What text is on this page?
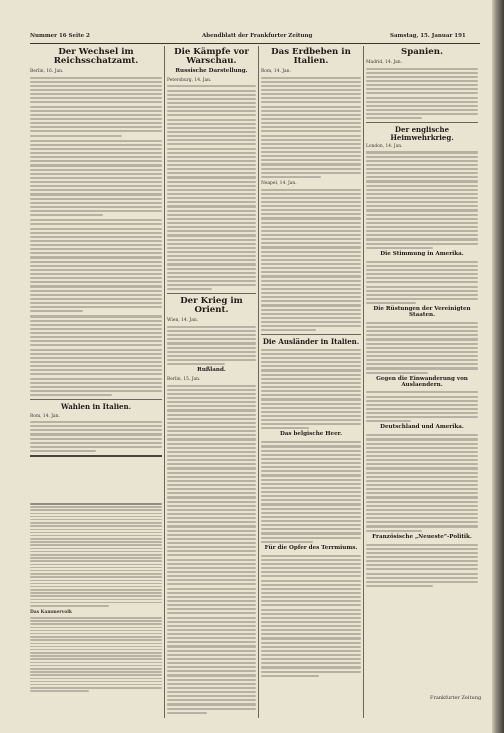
Nummer 16 Seite 2	Abendblatt der Frankfurter Zeitung	Samstag, 15. Januar 191
Der Wechsel im Reichsschatzamt.
Berlin, 16. Jan.
Wahlen in Italien.
Rom, 14. Jan.
Das Kammervolk
Die Kämpfe vor Warschau.
Russische Darstellung.
Petersburg, 14. Jan.
Der Krieg im Orient.
Wien, 14. Jan.
Rußland.
Berlin, 15. Jan.
Das Erdbeben in Italien.
Rom, 14. Jan.
Neapel, 14. Jan.
Die Ausländer in Italien.
Das belgische Heer.
Für die Opfer des Terrmiums.
Spanien.
Madrid, 14. Jan.
Der englische Heimwehrkrieg.
London, 14. Jan.
Die Stimmung in Amerika.
Die Rüstungen der Vereinigten Staaten.
Gegen die Einwanderung von Auslaendern.
Deutschland und Amerika.
Französische „Neueste“-Politik.
Frankfurter Zeitung
